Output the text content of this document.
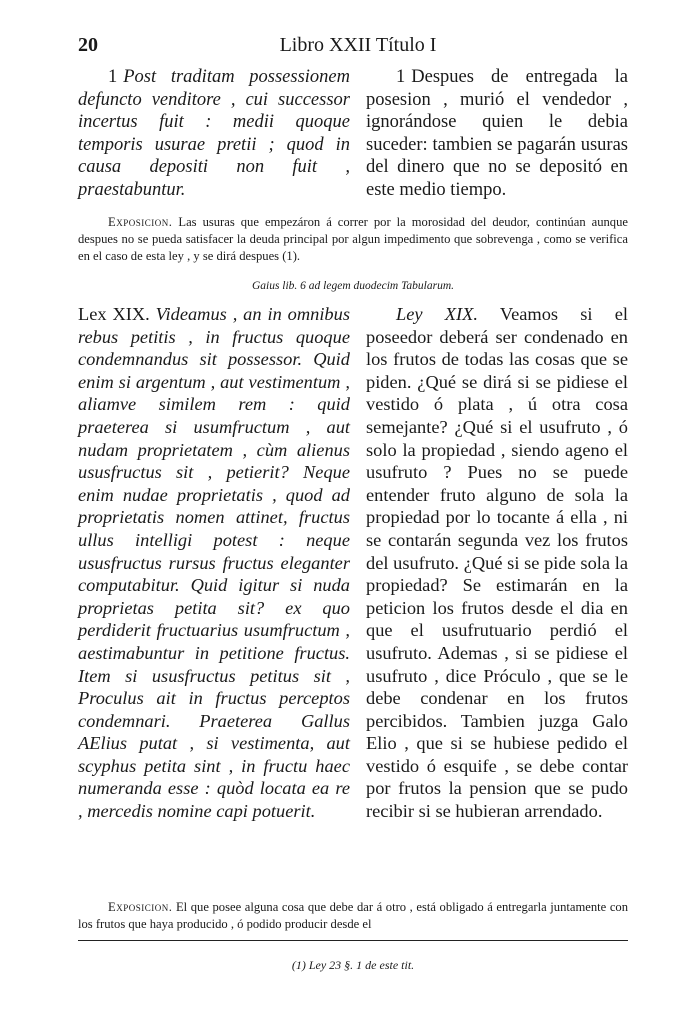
20	Libro XXII Título I

1 Post traditam possessionem defuncto venditore , cui successor incertus fuit : medii quoque temporis usurae pretii ; quod in causa depositi non fuit , praestabuntur.

1 Despues de entregada la posesion , murió el vendedor , ignorándose quien le debia suceder: tambien se pagarán usuras del dinero que no se depositó en este medio tiempo.

Exposicion. Las usuras que empezáron á correr por la morosidad del deudor, continúan aunque despues no se pueda satisfacer la deuda principal por algun impedimento que sobrevenga , como se verifica en el caso de esta ley , y se dirá despues (1).
Gaius lib. 6 ad legem duodecim Tabularum.

Lex XIX. Videamus , an in omnibus rebus petitis , in fructus quoque condemnandus sit possessor. Quid enim si argentum , aut vestimentum , aliamve similem rem : quid praeterea si usumfructum , aut nudam proprietatem , cùm alienus ususfructus sit , petierit? Neque enim nudae proprietatis , quod ad proprietatis nomen attinet, fructus ullus intelligi potest : neque ususfructus rursus fructus eleganter computabitur. Quid igitur si nuda proprietas petita sit? ex quo perdiderit fructuarius usumfructum , aestimabuntur in petitione fructus. Item si ususfructus petitus sit , Proculus ait in fructus perceptos condemnari. Praeterea Gallus AElius putat , si vestimenta, aut scyphus petita sint , in fructu haec numeranda esse : quòd locata ea re , mercedis nomine capi potuerit.

Ley XIX. Veamos si el poseedor deberá ser condenado en los frutos de todas las cosas que se piden. ¿Qué se dirá si se pidiese el vestido ó plata , ú otra cosa semejante? ¿Qué si el usufruto , ó solo la propiedad , siendo ageno el usufruto ? Pues no se puede entender fruto alguno de sola la propiedad por lo tocante á ella , ni se contarán segunda vez los frutos del usufruto. ¿Qué si se pide sola la propiedad? Se estimarán en la peticion los frutos desde el dia en que el usufrutuario perdió el usufruto. Ademas , si se pidiese el usufruto , dice Próculo , que se le debe condenar en los frutos percibidos. Tambien juzga Galo Elio , que si se hubiese pedido el vestido ó esquife , se debe contar por frutos la pension que se pudo recibir si se hubieran arrendado.

Exposicion. El que posee alguna cosa que debe dar á otro , está obligado á entregarla juntamente con los frutos que haya producido , ó podido producir desde el
(1) Ley 23 §. 1 de este tit.
